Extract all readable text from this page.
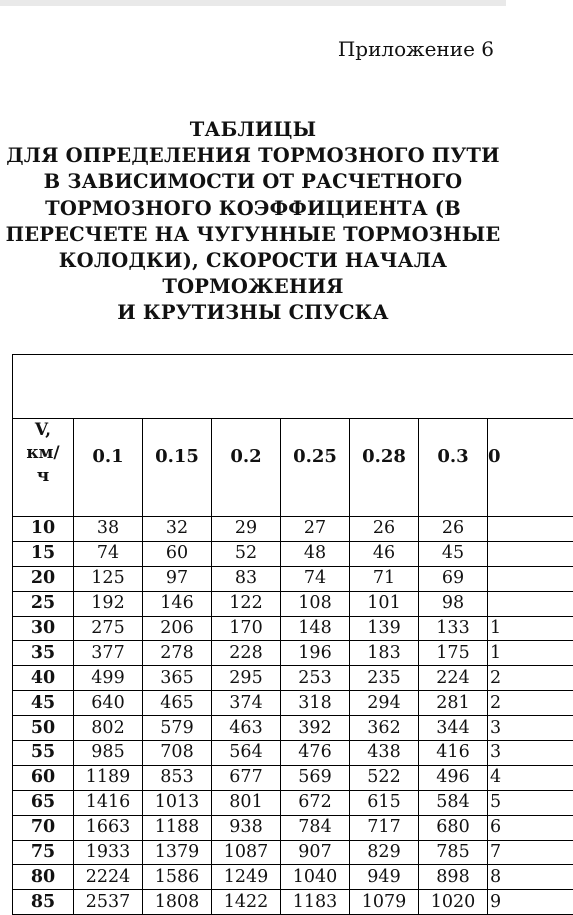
Приложение 6
ТАБЛИЦЫ
ДЛЯ ОПРЕДЕЛЕНИЯ ТОРМОЗНОГО ПУТИ
В ЗАВИСИМОСТИ ОТ РАСЧЕТНОГО
ТОРМОЗНОГО КОЭФФИЦИЕНТА (В
ПЕРЕСЧЕТЕ НА ЧУГУННЫЕ ТОРМОЗНЫЕ
КОЛОДКИ), СКОРОСТИ НАЧАЛА
ТОРМОЖЕНИЯ
И КРУТИЗНЫ СПУСКА

V,
км/
ч	0.1	0.15	0.2	0.25	0.28	0.3	0
10	38	32	29	27	26	26	
15	74	60	52	48	46	45	
20	125	97	83	74	71	69	
25	192	146	122	108	101	98	
30	275	206	170	148	139	133	1
35	377	278	228	196	183	175	1
40	499	365	295	253	235	224	2
45	640	465	374	318	294	281	2
50	802	579	463	392	362	344	3
55	985	708	564	476	438	416	3
60	1189	853	677	569	522	496	4
65	1416	1013	801	672	615	584	5
70	1663	1188	938	784	717	680	6
75	1933	1379	1087	907	829	785	7
80	2224	1586	1249	1040	949	898	8
85	2537	1808	1422	1183	1079	1020	9
